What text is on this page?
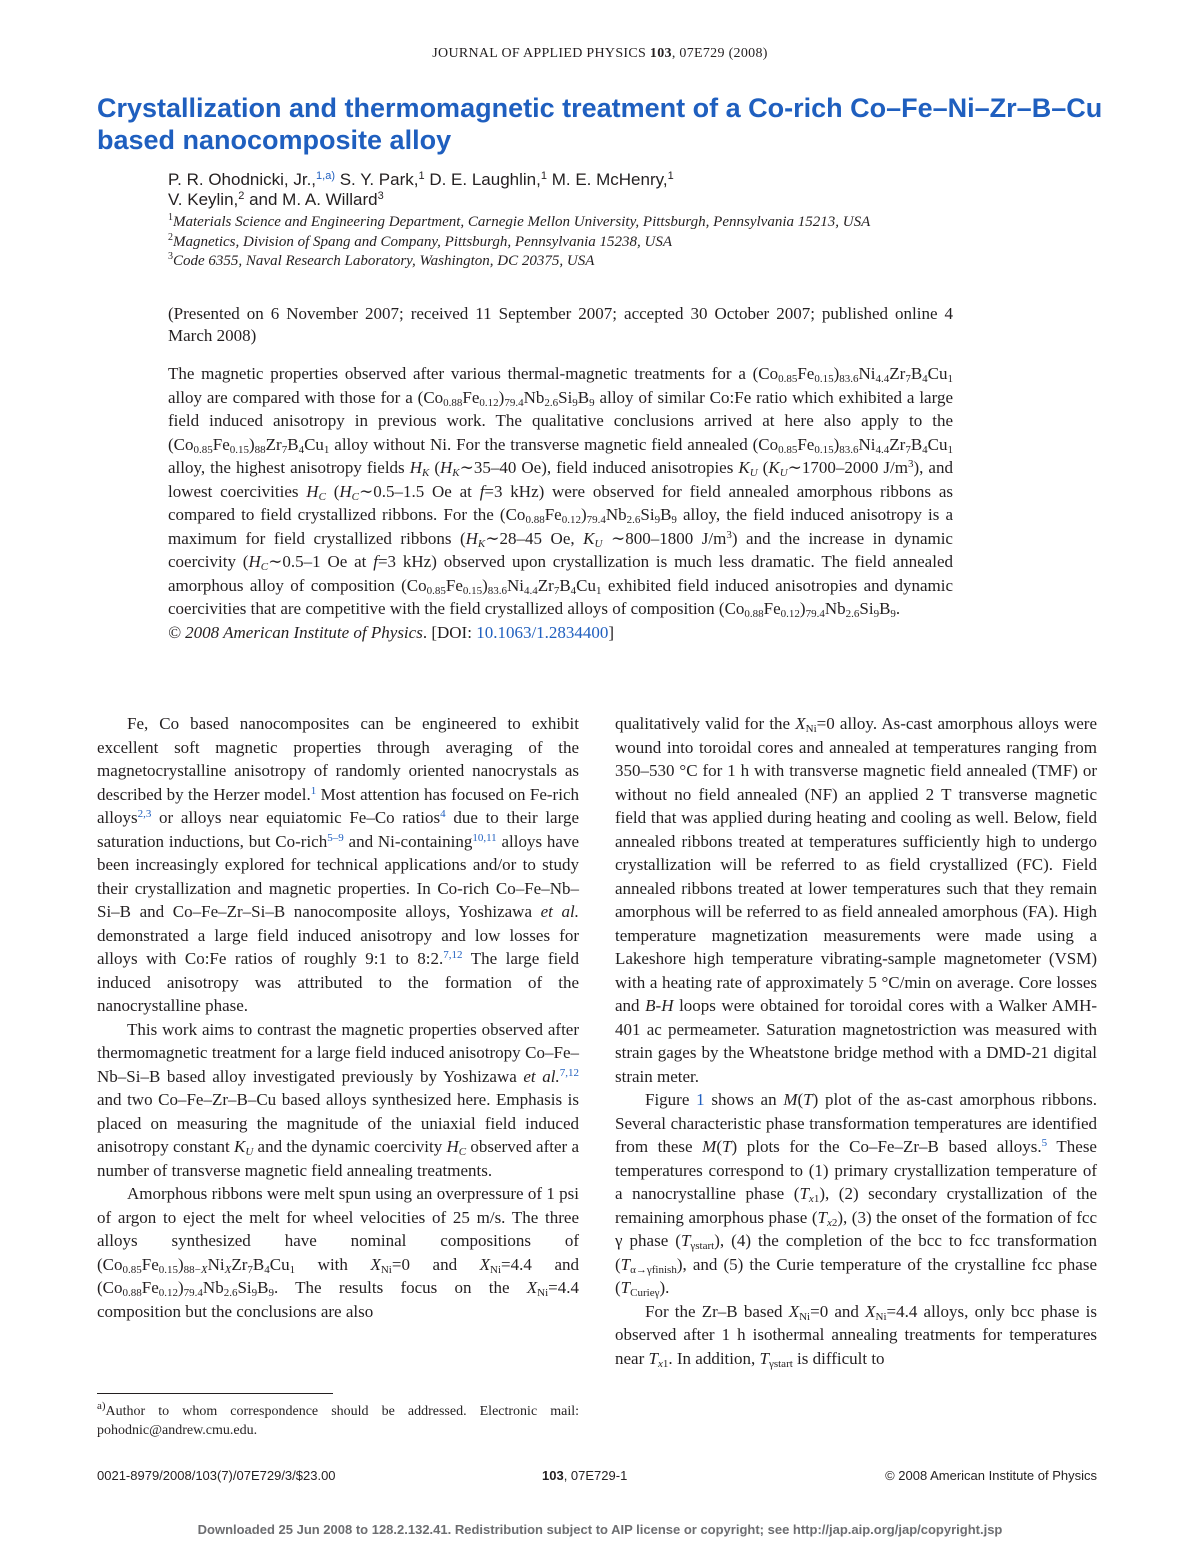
JOURNAL OF APPLIED PHYSICS 103, 07E729 (2008)
Crystallization and thermomagnetic treatment of a Co-rich Co–Fe–Ni–Zr–B–Cu based nanocomposite alloy
P. R. Ohodnicki, Jr.,$^{1,a)}$ S. Y. Park,$^1$ D. E. Laughlin,$^1$ M. E. McHenry,$^1$
V. Keylin,$^2$ and M. A. Willard$^3$
$^1$Materials Science and Engineering Department, Carnegie Mellon University, Pittsburgh, Pennsylvania 15213, USA
$^2$Magnetics, Division of Spang and Company, Pittsburgh, Pennsylvania 15238, USA
$^3$Code 6355, Naval Research Laboratory, Washington, DC 20375, USA
(Presented on 6 November 2007; received 11 September 2007; accepted 30 October 2007; published online 4 March 2008)
The magnetic properties observed after various thermal-magnetic treatments for a $(Co_{0.85}Fe_{0.15})_{83.6}Ni_{4.4}Zr_7B_4Cu_1$ alloy are compared with those for a $(Co_{0.88}Fe_{0.12})_{79.4}Nb_{2.6}Si_9B_9$ alloy of similar Co:Fe ratio which exhibited a large field induced anisotropy in previous work. The qualitative conclusions arrived at here also apply to the $(Co_{0.85}Fe_{0.15})_{88}Zr_7B_4Cu_1$ alloy without Ni. For the transverse magnetic field annealed $(Co_{0.85}Fe_{0.15})_{83.6}Ni_{4.4}Zr_7B_4Cu_1$ alloy, the highest anisotropy fields $H_K$ ($H_K\sim 35-40$ Oe), field induced anisotropies $K_U$ ($K_U\sim 1700-2000$ $J/m^3$), and lowest coercivities $H_C$ ($H_C\sim 0.5-1.5$ Oe at f=3 kHz) were observed for field annealed amorphous ribbons as compared to field crystallized ribbons. For the $(Co_{0.88}Fe_{0.12})_{79.4}Nb_{2.6}Si_9B_9$ alloy, the field induced anisotropy is a maximum for field crystallized ribbons ($H_K\sim 28-45$ Oe, $K_U$ ∼800–1800 $J/m^3$) and the increase in dynamic coercivity ($H_C\sim 0.5-1$ Oe at f=3 kHz) observed upon crystallization is much less dramatic. The field annealed amorphous alloy of composition $(Co_{0.85}Fe_{0.15})_{83.6}Ni_{4.4}Zr_7B_4Cu_1$ exhibited field induced anisotropies and dynamic coercivities that are competitive with the field crystallized alloys of composition $(Co_{0.88}Fe_{0.12})_{79.4}Nb_{2.6}Si_9B_9$.
© 2008 American Institute of Physics. [DOI: 10.1063/1.2834400]

Fe, Co based nanocomposites can be engineered to exhibit excellent soft magnetic properties through averaging of the magnetocrystalline anisotropy of randomly oriented nanocrystals as described by the Herzer model.$^1$ Most attention has focused on Fe-rich alloys$^{2,3}$ or alloys near equiatomic Fe–Co ratios$^4$ due to their large saturation inductions, but Co-rich$^{5-9}$ and Ni-containing$^{10,11}$ alloys have been increasingly explored for technical applications and/or to study their crystallization and magnetic properties. In Co-rich Co–Fe–Nb–Si–B and Co–Fe–Zr–Si–B nanocomposite alloys, Yoshizawa et al. demonstrated a large field induced anisotropy and low losses for alloys with Co:Fe ratios of roughly 9:1 to 8:2.$^{7,12}$ The large field induced anisotropy was attributed to the formation of the nanocrystalline phase.

This work aims to contrast the magnetic properties observed after thermomagnetic treatment for a large field induced anisotropy Co–Fe–Nb–Si–B based alloy investigated previously by Yoshizawa et al.$^{7,12}$ and two Co–Fe–Zr–B–Cu based alloys synthesized here. Emphasis is placed on measuring the magnitude of the uniaxial field induced anisotropy constant $K_U$ and the dynamic coercivity $H_C$ observed after a number of transverse magnetic field annealing treatments.

Amorphous ribbons were melt spun using an overpressure of 1 psi of argon to eject the melt for wheel velocities of 25 m/s. The three alloys synthesized have nominal compositions of $(Co_{0.85}Fe_{0.15})_{88-X}Ni_XZr_7B_4Cu_1$ with $X_{Ni}=0$ and $X_{Ni}=4.4$ and $(Co_{0.88}Fe_{0.12})_{79.4}Nb_{2.6}Si_9B_9$. The results focus on the $X_{Ni}=4.4$ composition but the conclusions are also

qualitatively valid for the $X_{Ni}=0$ alloy. As-cast amorphous alloys were wound into toroidal cores and annealed at temperatures ranging from 350–530 °C for 1 h with transverse magnetic field annealed (TMF) or without no field annealed (NF) an applied 2 T transverse magnetic field that was applied during heating and cooling as well. Below, field annealed ribbons treated at temperatures sufficiently high to undergo crystallization will be referred to as field crystallized (FC). Field annealed ribbons treated at lower temperatures such that they remain amorphous will be referred to as field annealed amorphous (FA). High temperature magnetization measurements were made using a Lakeshore high temperature vibrating-sample magnetometer (VSM) with a heating rate of approximately 5 °C/min on average. Core losses and B-H loops were obtained for toroidal cores with a Walker AMH-401 ac permeameter. Saturation magnetostriction was measured with strain gages by the Wheatstone bridge method with a DMD-21 digital strain meter.

Figure 1 shows an M(T) plot of the as-cast amorphous ribbons. Several characteristic phase transformation temperatures are identified from these M(T) plots for the Co–Fe–Zr–B based alloys.$^5$ These temperatures correspond to (1) primary crystallization temperature of a nanocrystalline phase $(T_{x1})$, (2) secondary crystallization of the remaining amorphous phase $(T_{x2})$, (3) the onset of the formation of fcc γ phase $(T_{\gamma start})$, (4) the completion of the bcc to fcc transformation $(T_{\alpha\to\gamma finish})$, and (5) the Curie temperature of the crystalline fcc phase $(T_{Curie\gamma})$.

For the Zr–B based $X_{Ni}=0$ and $X_{Ni}=4.4$ alloys, only bcc phase is observed after 1 h isothermal annealing treatments for temperatures near $T_{x1}$. In addition, $T_{\gamma start}$ is difficult to

$^{a)}$Author to whom correspondence should be addressed. Electronic mail: pohodnic@andrew.cmu.edu.
0021-8979/2008/103(7)/07E729/3/$23.00	103, 07E729-1	© 2008 American Institute of Physics
Downloaded 25 Jun 2008 to 128.2.132.41. Redistribution subject to AIP license or copyright; see http://jap.aip.org/jap/copyright.jsp
